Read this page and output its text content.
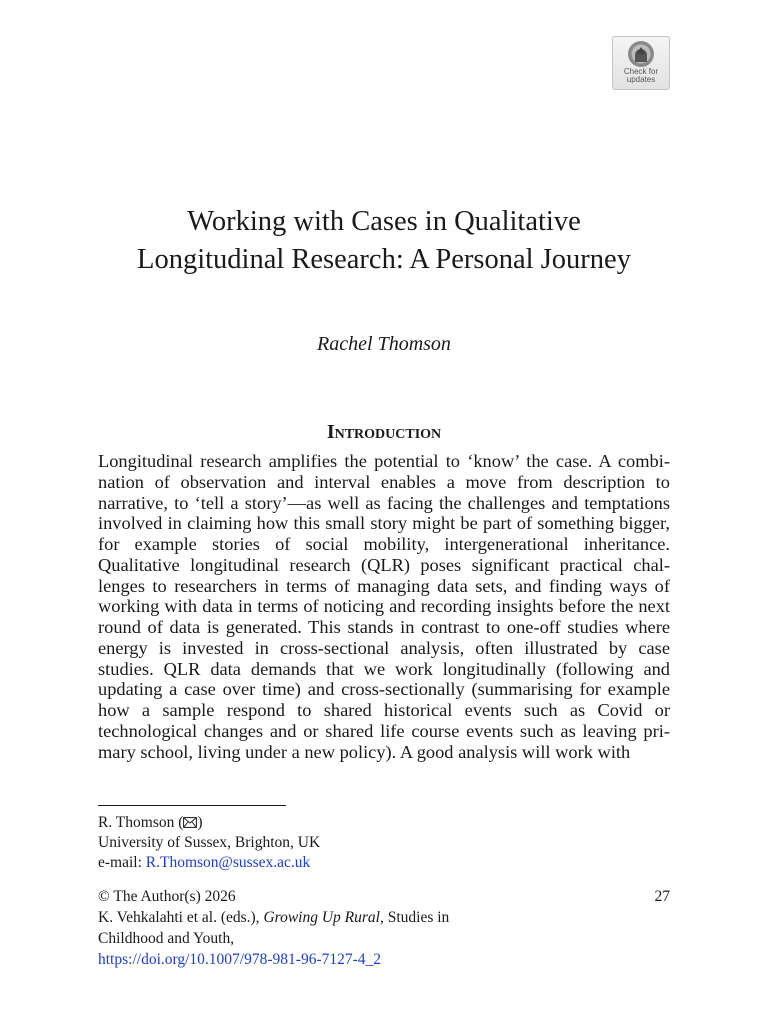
Check for
updates
Working with Cases in Qualitative
Longitudinal Research: A Personal Journey

Rachel Thomson

Introduction

Longitudinal research amplifies the potential to ‘know’ the case. A combination of observation and interval enables a move from description to narrative, to ‘tell a story’—as well as facing the challenges and temptations involved in claiming how this small story might be part of something bigger, for example stories of social mobility, intergenerational inheritance. Qualitative longitudinal research (QLR) poses significant practical challenges to researchers in terms of managing data sets, and finding ways of working with data in terms of noticing and recording insights before the next round of data is generated. This stands in contrast to one-off studies where energy is invested in cross-sectional analysis, often illustrated by case studies. QLR data demands that we work longitudinally (following and updating a case over time) and cross-sectionally (summarising for example how a sample respond to shared historical events such as Covid or technological changes and or shared life course events such as leaving primary school, living under a new policy). A good analysis will work with

R. Thomson ( )
University of Sussex, Brighton, UK
e-mail: R.Thomson@sussex.ac.uk
© The Author(s) 2026
K. Vehkalahti et al. (eds.), Growing Up Rural, Studies in
Childhood and Youth,
https://doi.org/10.1007/978-981-96-7127-4_2
27
